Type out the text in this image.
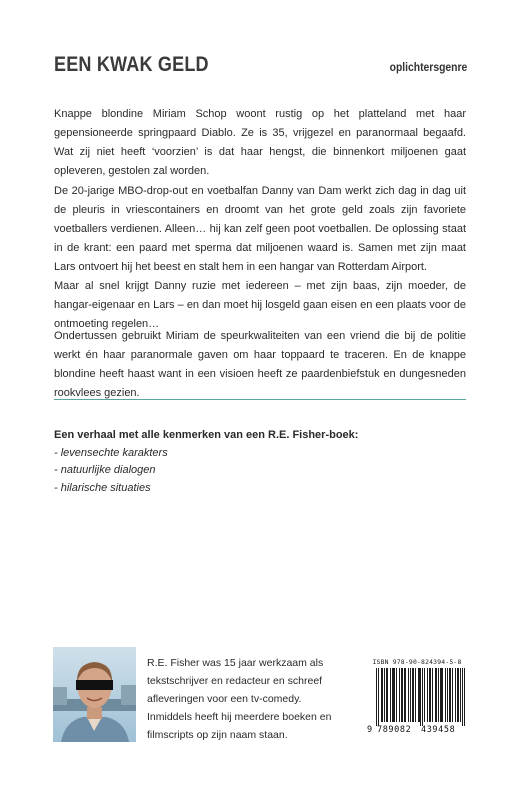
EEN KWAK GELD	oplichtersgenre

Knappe blondine Miriam Schop woont rustig op het platteland met haar gepensioneerde springpaard Diablo. Ze is 35, vrijgezel en paranormaal begaafd. Wat zij niet heeft ‘voorzien’ is dat haar hengst, die binnenkort miljoenen gaat opleveren, gestolen zal worden.

De 20-jarige MBO-drop-out en voetbalfan Danny van Dam werkt zich dag in dag uit de pleuris in vriescontainers en droomt van het grote geld zoals zijn favoriete voetballers verdienen. Alleen… hij kan zelf geen poot voetballen. De oplossing staat in de krant: een paard met sperma dat miljoenen waard is. Samen met zijn maat Lars ontvoert hij het beest en stalt hem in een hangar van Rotterdam Airport.

Maar al snel krijgt Danny ruzie met iedereen – met zijn baas, zijn moeder, de hangar-eigenaar en Lars – en dan moet hij losgeld gaan eisen en een plaats voor de ontmoeting regelen…

Ondertussen gebruikt Miriam de speurkwaliteiten van een vriend die bij de politie werkt én haar paranormale gaven om haar toppaard te traceren. En de knappe blondine heeft haast want in een visioen heeft ze paardenbiefstuk en dungesneden rookvlees gezien.

Een verhaal met alle kenmerken van een R.E. Fisher-boek:
- levensechte karakters
- natuurlijke dialogen
- hilarische situaties
R.E. Fisher was 15 jaar werkzaam als tekstschrijver en redacteur en schreef afleveringen voor een tv-comedy. Inmiddels heeft hij meerdere boeken en filmscripts op zijn naam staan.
ISBN 978-90-824394-5-8
9 789082 439458
